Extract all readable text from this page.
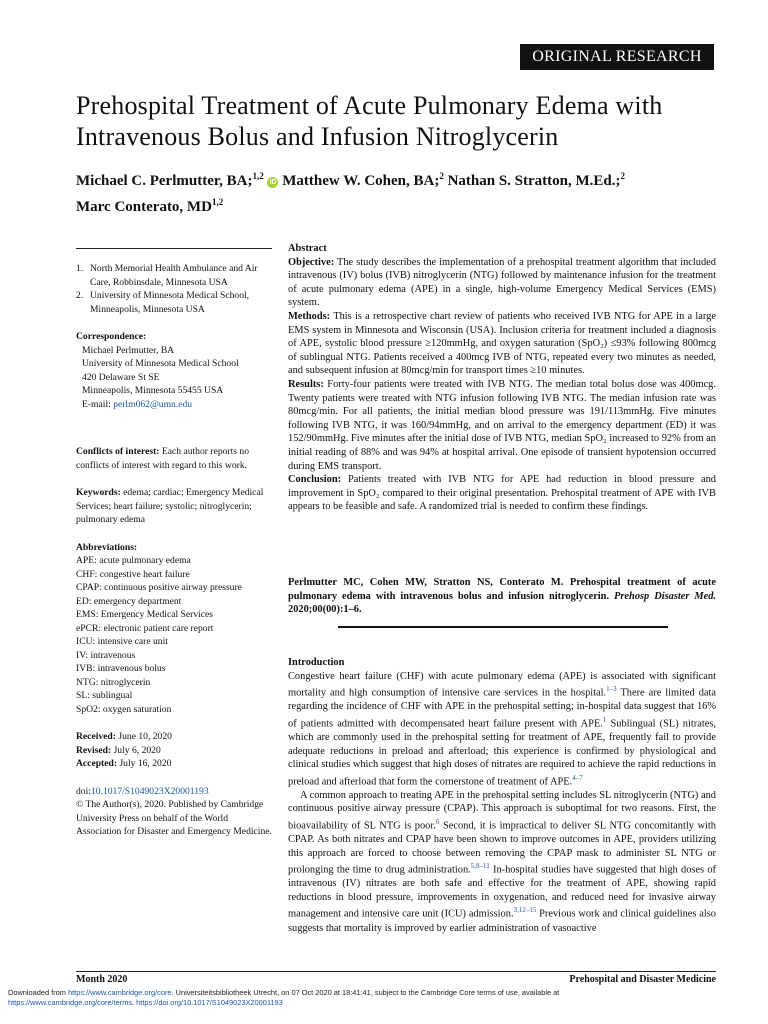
ORIGINAL RESEARCH
Prehospital Treatment of Acute Pulmonary Edema with Intravenous Bolus and Infusion Nitroglycerin
Michael C. Perlmutter, BA;$^{1,2}$ iD Matthew W. Cohen, BA;$^2$ Nathan S. Stratton, M.Ed.;$^2$
Marc Conterato, MD$^{1,2}$
1. North Memorial Health Ambulance and Air Care, Robbinsdale, Minnesota USA
2. University of Minnesota Medical School, Minneapolis, Minnesota USA

Correspondence:

Michael Perlmutter, BA

University of Minnesota Medical School

420 Delaware St SE

Minneapolis, Minnesota 55455 USA

E-mail: perlm062@umn.edu

Conflicts of interest: Each author reports no conflicts of interest with regard to this work.

Keywords: edema; cardiac; Emergency Medical Services; heart failure; systolic; nitroglycerin; pulmonary edema

Abbreviations:

APE: acute pulmonary edema

CHF: congestive heart failure

CPAP: continuous positive airway pressure

ED: emergency department

EMS: Emergency Medical Services

ePCR: electronic patient care report

ICU: intensive care unit

IV: intravenous

IVB: intravenous bolus

NTG: nitroglycerin

SL: sublingual

SpO2: oxygen saturation

Received: June 10, 2020

Revised: July 6, 2020

Accepted: July 16, 2020

doi:10.1017/S1049023X20001193

© The Author(s), 2020. Published by Cambridge University Press on behalf of the World Association for Disaster and Emergency Medicine.

Abstract

Objective: The study describes the implementation of a prehospital treatment algorithm that included intravenous (IV) bolus (IVB) nitroglycerin (NTG) followed by maintenance infusion for the treatment of acute pulmonary edema (APE) in a single, high-volume Emergency Medical Services (EMS) system.

Methods: This is a retrospective chart review of patients who received IVB NTG for APE in a large EMS system in Minnesota and Wisconsin (USA). Inclusion criteria for treatment included a diagnosis of APE, systolic blood pressure ≥120mmHg, and oxygen saturation (SpO₂) ≤93% following 800mcg of sublingual NTG. Patients received a 400mcg IVB of NTG, repeated every two minutes as needed, and subsequent infusion at 80mcg/min for transport times ≥10 minutes.

Results: Forty-four patients were treated with IVB NTG. The median total bolus dose was 400mcg. Twenty patients were treated with NTG infusion following IVB NTG. The median infusion rate was 80mcg/min. For all patients, the initial median blood pressure was 191/113mmHg. Five minutes following IVB NTG, it was 160/94mmHg, and on arrival to the emergency department (ED) it was 152/90mmHg. Five minutes after the initial dose of IVB NTG, median SpO₂ increased to 92% from an initial reading of 88% and was 94% at hospital arrival. One episode of transient hypotension occurred during EMS transport.

Conclusion: Patients treated with IVB NTG for APE had reduction in blood pressure and improvement in SpO₂ compared to their original presentation. Prehospital treatment of APE with IVB appears to be feasible and safe. A randomized trial is needed to confirm these findings.

Perlmutter MC, Cohen MW, Stratton NS, Conterato M. Prehospital treatment of acute pulmonary edema with intravenous bolus and infusion nitroglycerin. Prehosp Disaster Med. 2020;00(00):1–6.

Introduction

Congestive heart failure (CHF) with acute pulmonary edema (APE) is associated with significant mortality and high consumption of intensive care services in the hospital.$^{1-3}$ There are limited data regarding the incidence of CHF with APE in the prehospital setting; in-hospital data suggest that 16% of patients admitted with decompensated heart failure present with APE.$^1$ Sublingual (SL) nitrates, which are commonly used in the prehospital setting for treatment of APE, frequently fail to provide adequate reductions in preload and afterload; this experience is confirmed by physiological and clinical studies which suggest that high doses of nitrates are required to achieve the rapid reductions in preload and afterload that form the cornerstone of treatment of APE.$^{4-7}$

A common approach to treating APE in the prehospital setting includes SL nitroglycerin (NTG) and continuous positive airway pressure (CPAP). This approach is suboptimal for two reasons. First, the bioavailability of SL NTG is poor.$^6$ Second, it is impractical to deliver SL NTG concomitantly with CPAP. As both nitrates and CPAP have been shown to improve outcomes in APE, providers utilizing this approach are forced to choose between removing the CPAP mask to administer SL NTG or prolonging the time to drug administration.$^{5,8-11}$ In-hospital studies have suggested that high doses of intravenous (IV) nitrates are both safe and effective for the treatment of APE, showing rapid reductions in blood pressure, improvements in oxygenation, and reduced need for invasive airway management and intensive care unit (ICU) admission.$^{3,12-15}$ Previous work and clinical guidelines also suggests that mortality is improved by earlier administration of vasoactive

Month 2020	Prehospital and Disaster Medicine
Downloaded from https://www.cambridge.org/core. Universiteitsbibliotheek Utrecht, on 07 Oct 2020 at 18:41:41, subject to the Cambridge Core terms of use, available at
https://www.cambridge.org/core/terms. https://doi.org/10.1017/S1049023X20001193
